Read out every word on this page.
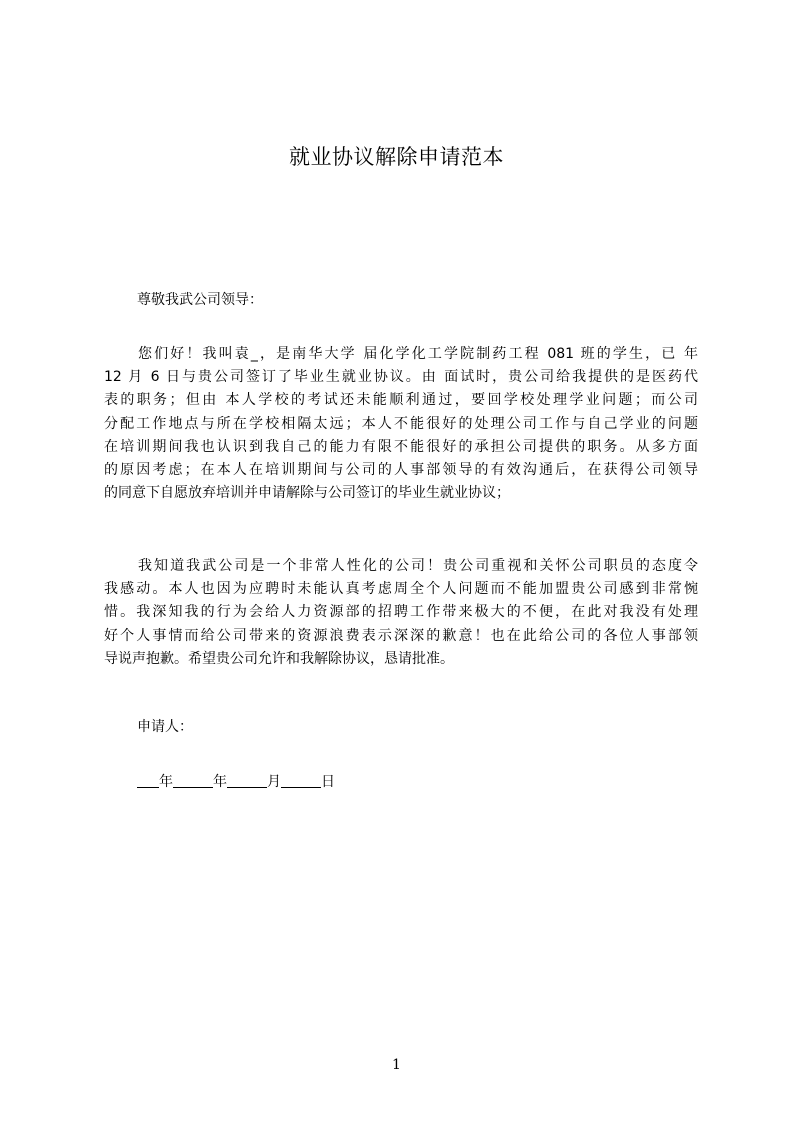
就业协议解除申请范本
尊敬我武公司领导：
您们好！我叫袁_，是南华大学 届化学化工学院制药工程 081 班的学生，已 年
12 月 6 日与贵公司签订了毕业生就业协议。由 面试时，贵公司给我提供的是医药代
表的职务；但由 本人学校的考试还未能顺利通过，要回学校处理学业问题；而公司
分配工作地点与所在学校相隔太远；本人不能很好的处理公司工作与自己学业的问题
在培训期间我也认识到我自己的能力有限不能很好的承担公司提供的职务。从多方面
的原因考虑；在本人在培训期间与公司的人事部领导的有效沟通后，在获得公司领导
的同意下自愿放弃培训并申请解除与公司签订的毕业生就业协议；
我知道我武公司是一个非常人性化的公司！贵公司重视和关怀公司职员的态度令
我感动。本人也因为应聘时未能认真考虑周全个人问题而不能加盟贵公司感到非常惋
惜。我深知我的行为会给人力资源部的招聘工作带来极大的不便，在此对我没有处理
好个人事情而给公司带来的资源浪费表示深深的歉意！也在此给公司的各位人事部领
导说声抱歉。希望贵公司允许和我解除协议，恳请批准。
申请人：
年	年	月	日
1
